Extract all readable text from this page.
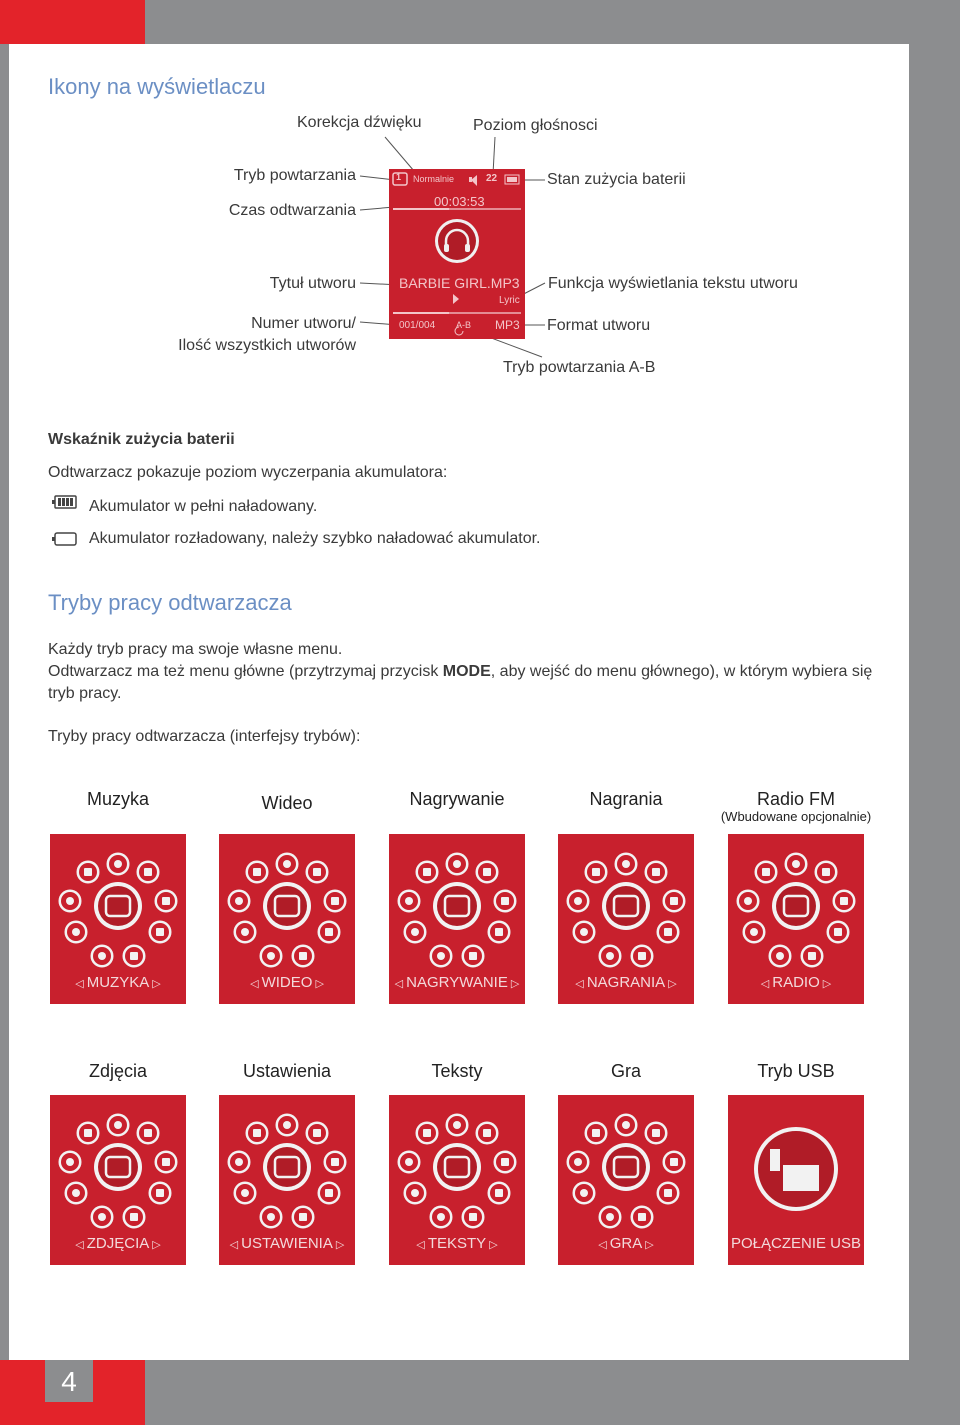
Ikony na wyświetlaczu
Korekcja dźwięku	Poziom głośnosci
Tryb powtarzania
Czas odtwarzania
Stan zużycia baterii
Tytuł utworu	Funkcja wyświetlania tekstu utworu
Numer utworu/
Ilość wszystkich utworów
Format utworu
Tryb powtarzania A-B
1 Normalnie	22
00:03:53
BARBIE GIRL.MP3
Lyric
001/004 A-B MP3
Wskaźnik zużycia baterii
Odtwarzacz pokazuje poziom wyczerpania akumulatora:
Akumulator w pełni naładowany.
Akumulator rozładowany, należy szybko naładować akumulator.
Tryby pracy odtwarzacza
Każdy tryb pracy ma swoje własne menu.
Odtwarzacz ma też menu główne (przytrzymaj przycisk MODE, aby wejść do menu głównego), w którym wybiera się
tryb pracy.
Tryby pracy odtwarzacza (interfejsy trybów):
Muzyka
◁ MUZYKA ▷
Wideo
◁ WIDEO ▷
Nagrywanie
◁ NAGRYWANIE ▷
Nagrania
◁ NAGRANIA ▷
Radio FM
(Wbudowane opcjonalnie)
◁ RADIO ▷
Zdjęcia
◁ ZDJĘCIA ▷
Ustawienia
◁ USTAWIENIA ▷
Teksty
◁ TEKSTY ▷
Gra
◁ GRA ▷
Tryb USB
POŁĄCZENIE USB
4
